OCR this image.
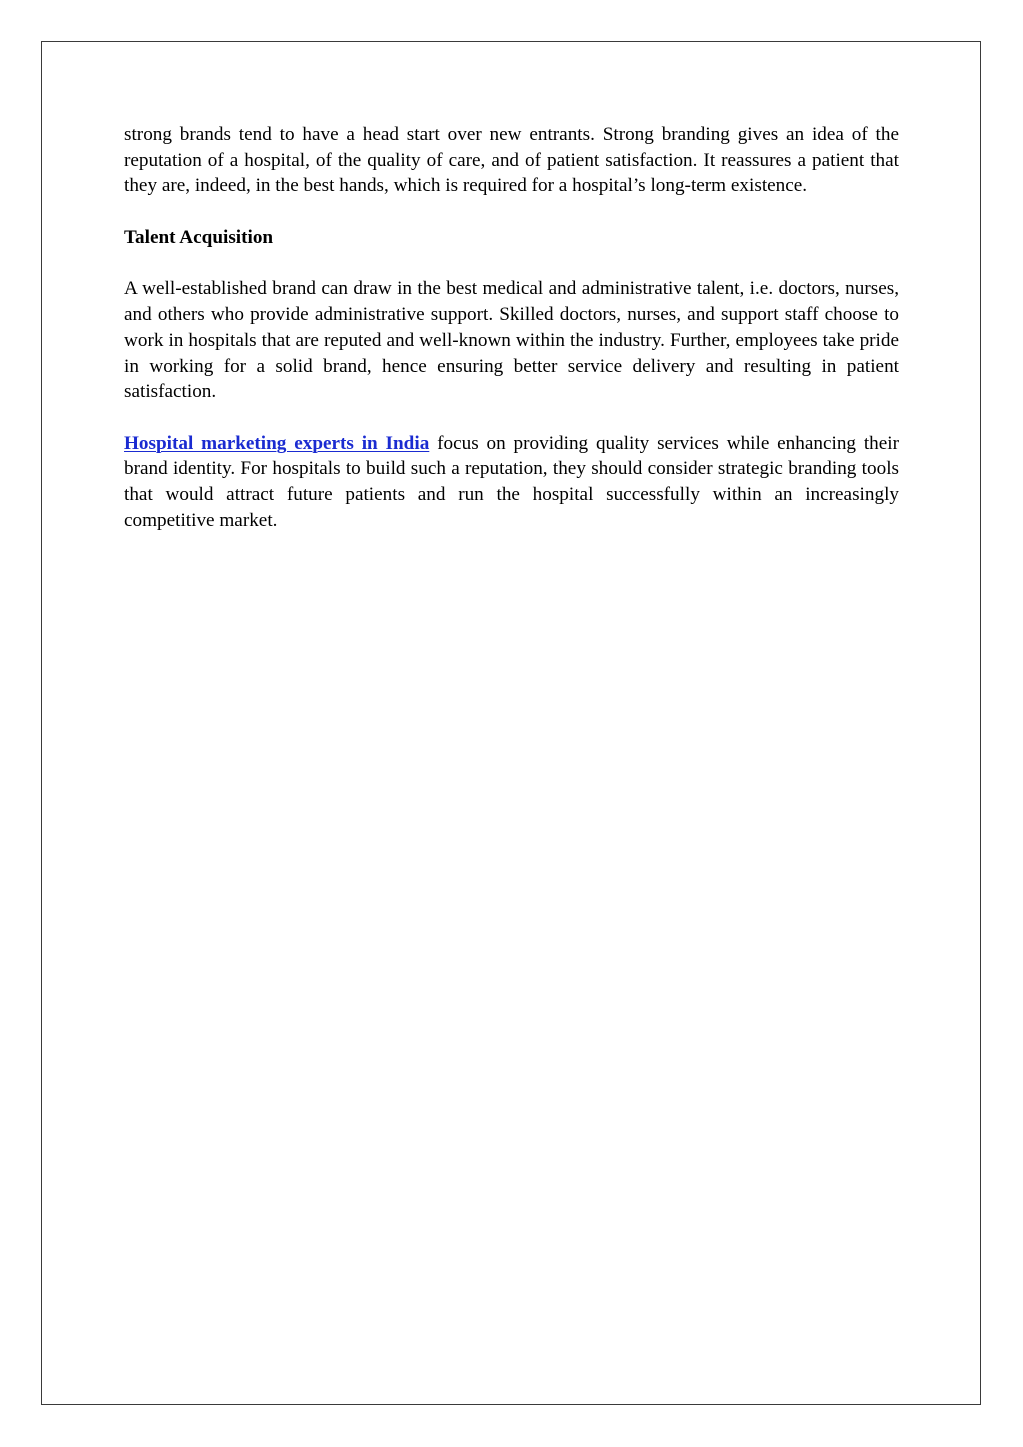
strong brands tend to have a head start over new entrants. Strong branding gives an idea of the reputation of a hospital, of the quality of care, and of patient satisfaction. It reassures a patient that they are, indeed, in the best hands, which is required for a hospital’s long-term existence.

Talent Acquisition

A well-established brand can draw in the best medical and administrative talent, i.e. doctors, nurses, and others who provide administrative support. Skilled doctors, nurses, and support staff choose to work in hospitals that are reputed and well-known within the industry. Further, employees take pride in working for a solid brand, hence ensuring better service delivery and resulting in patient satisfaction.

Hospital marketing experts in India focus on providing quality services while enhancing their brand identity. For hospitals to build such a reputation, they should consider strategic branding tools that would attract future patients and run the hospital successfully within an increasingly competitive market.
